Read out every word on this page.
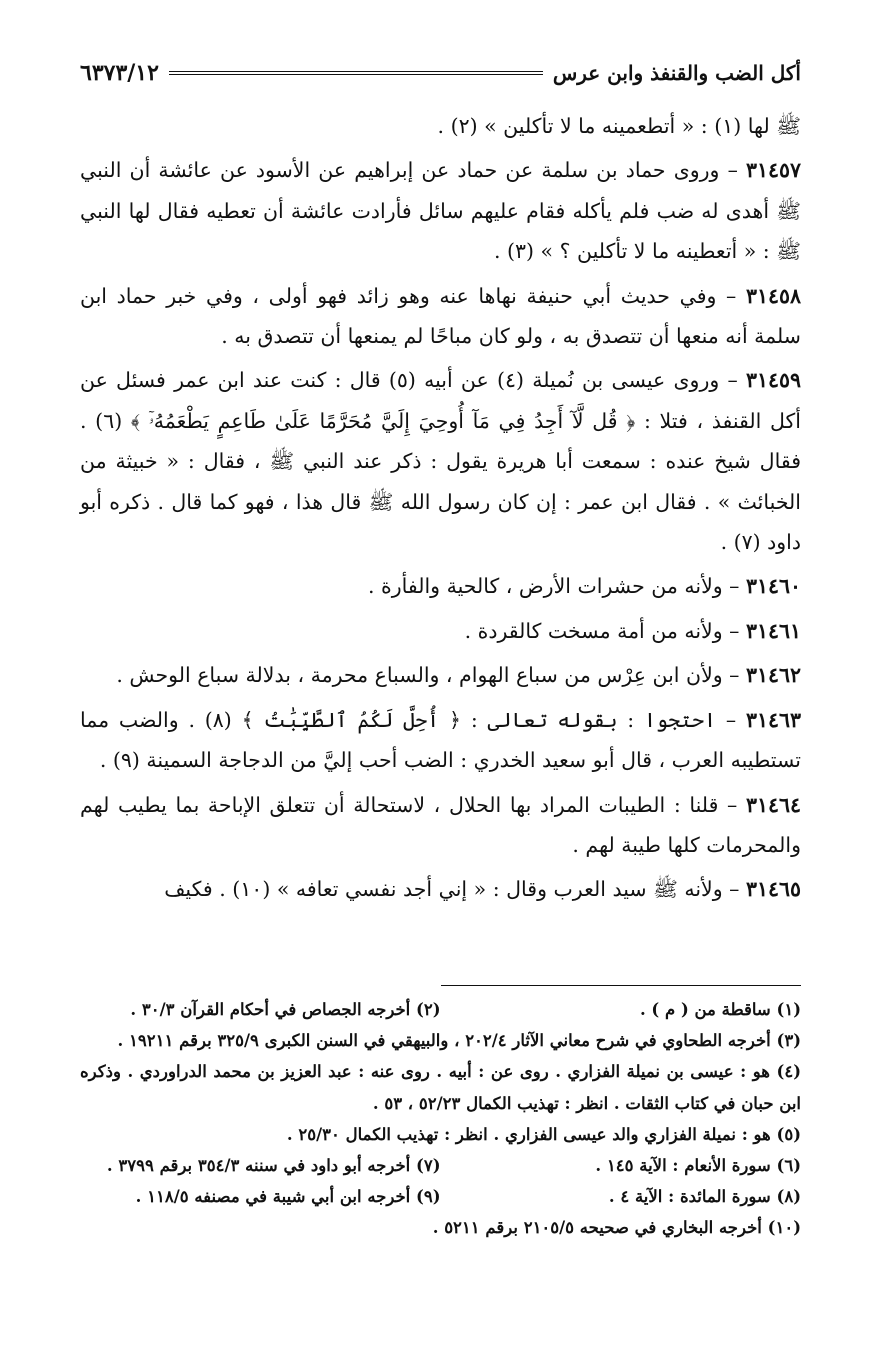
أكل الضب والقنفذ وابن عرس
٦٣٧٣/١٢

ﷺ لها (١) : « أتطعمينه ما لا تأكلين » (٢) .

٣١٤٥٧ – وروى حماد بن سلمة عن حماد عن إبراهيم عن الأسود عن عائشة أن النبي ﷺ أهدى له ضب فلم يأكله فقام عليهم سائل فأرادت عائشة أن تعطيه فقال لها النبي ﷺ : « أتعطينه ما لا تأكلين ؟ » (٣) .

٣١٤٥٨ – وفي حديث أبي حنيفة نهاها عنه وهو زائد فهو أولى ، وفي خبر حماد ابن سلمة أنه منعها أن تتصدق به ، ولو كان مباحًا لم يمنعها أن تتصدق به .

٣١٤٥٩ – وروى عيسى بن نُميلة (٤) عن أبيه (٥) قال : كنت عند ابن عمر فسئل عن أكل القنفذ ، فتلا : ﴿ قُل لَّآ أَجِدُ فِي مَآ أُوحِيَ إِلَيَّ مُحَرَّمًا عَلَىٰ طَاعِمٍ يَطْعَمُهُۥٓ ﴾ (٦) . فقال شيخ عنده : سمعت أبا هريرة يقول : ذكر عند النبي ﷺ ، فقال : « خبيثة من الخبائث » . فقال ابن عمر : إن كان رسول الله ﷺ قال هذا ، فهو كما قال . ذكره أبو داود (٧) .

٣١٤٦٠ – ولأنه من حشرات الأرض ، كالحية والفأرة .

٣١٤٦١ – ولأنه من أمة مسخت كالقردة .

٣١٤٦٢ – ولأن ابن عِرْس من سباع الهوام ، والسباع محرمة ، بدلالة سباع الوحش .

٣١٤٦٣ – احتجوا : بقوله تعالى : ﴿ أُحِلَّ لَكُمُ ٱلطَّيِّبَٰتُ ﴾ (٨) . والضب مما تستطيبه العرب ، قال أبو سعيد الخدري : الضب أحب إليَّ من الدجاجة السمينة (٩) .

٣١٤٦٤ – قلنا : الطيبات المراد بها الحلال ، لاستحالة أن تتعلق الإباحة بما يطيب لهم والمحرمات كلها طيبة لهم .

٣١٤٦٥ – ولأنه ﷺ سيد العرب وقال : « إني أجد نفسي تعافه » (١٠) . فكيف

(١) ساقطة من ( م ) .
(٢) أخرجه الجصاص في أحكام القرآن ٣٠/٣ .
(٣) أخرجه الطحاوي في شرح معاني الآثار ٢٠٢/٤ ، والبيهقي في السنن الكبرى ٣٢٥/٩ برقم ١٩٢١١ .
(٤) هو : عيسى بن نميلة الفزاري . روى عن : أبيه . روى عنه : عبد العزيز بن محمد الدراوردي . وذكره ابن حبان في كتاب الثقات . انظر : تهذيب الكمال ٥٢/٢٣ ، ٥٣ .
(٥) هو : نميلة الفزاري والد عيسى الفزاري . انظر : تهذيب الكمال ٢٥/٣٠ .
(٦) سورة الأنعام : الآية ١٤٥ .
(٧) أخرجه أبو داود في سننه ٣٥٤/٣ برقم ٣٧٩٩ .
(٨) سورة المائدة : الآية ٤ .
(٩) أخرجه ابن أبي شيبة في مصنفه ١١٨/٥ .
(١٠) أخرجه البخاري في صحيحه ٢١٠٥/٥ برقم ٥٢١١ .
